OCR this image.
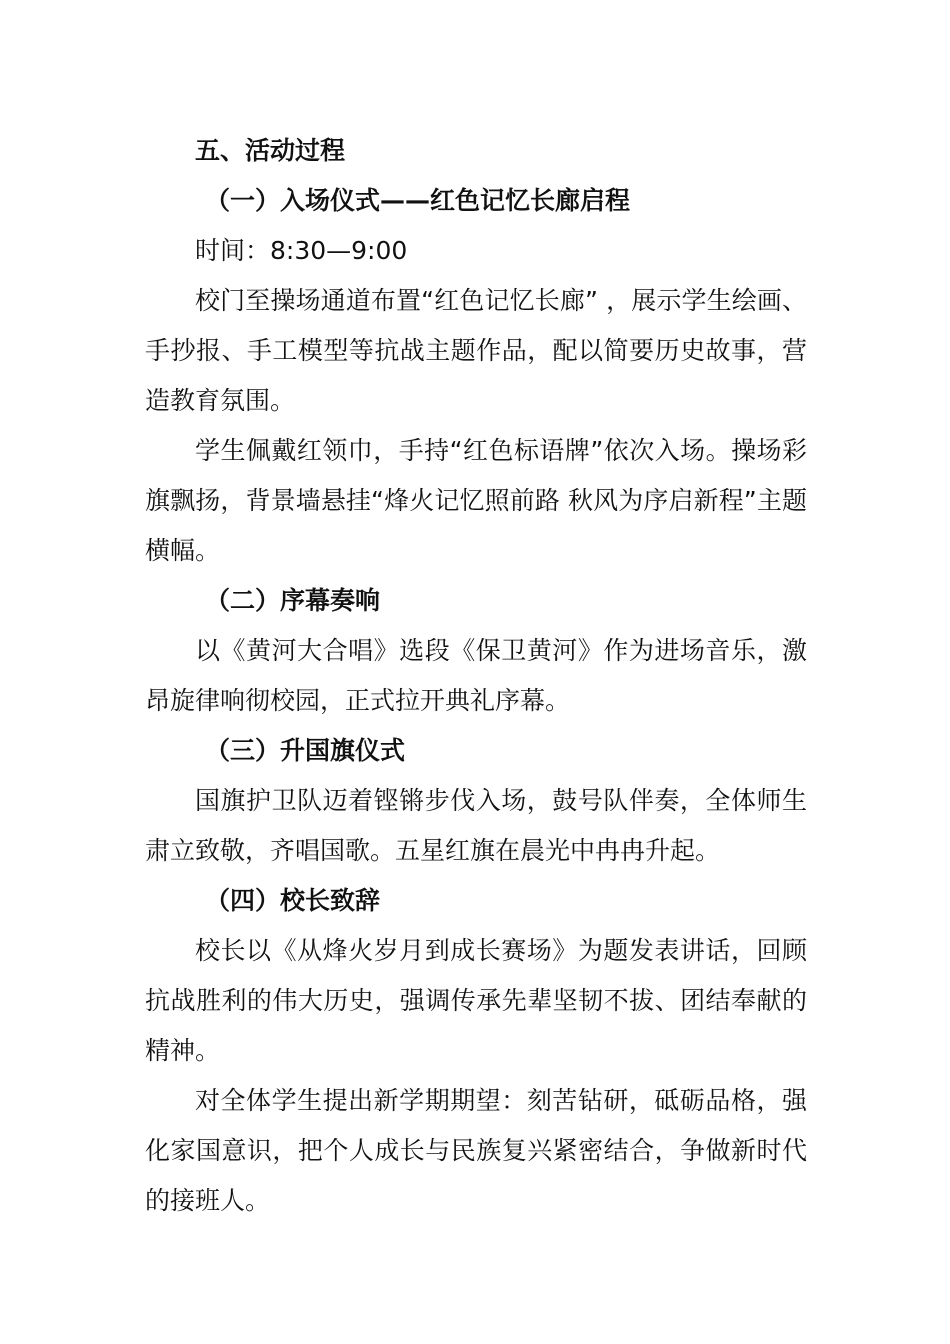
五、活动过程
（一）入场仪式——红色记忆长廊启程
时间：8:30—9:00

校门至操场通道布置“红色记忆长廊” ，展示学生绘画、手抄报、手工模型等抗战主题作品，配以简要历史故事，营造教育氛围。

学生佩戴红领巾，手持“红色标语牌”依次入场。操场彩旗飘扬，背景墙悬挂“烽火记忆照前路 秋风为序启新程”主题横幅。

（二）序幕奏响

以《黄河大合唱》选段《保卫黄河》作为进场音乐，激昂旋律响彻校园，正式拉开典礼序幕。

（三）升国旗仪式

国旗护卫队迈着铿锵步伐入场，鼓号队伴奏，全体师生肃立致敬，齐唱国歌。五星红旗在晨光中冉冉升起。

（四）校长致辞

校长以《从烽火岁月到成长赛场》为题发表讲话，回顾抗战胜利的伟大历史，强调传承先辈坚韧不拔、团结奉献的精神。

对全体学生提出新学期期望：刻苦钻研，砥砺品格，强化家国意识，把个人成长与民族复兴紧密结合，争做新时代的接班人。
